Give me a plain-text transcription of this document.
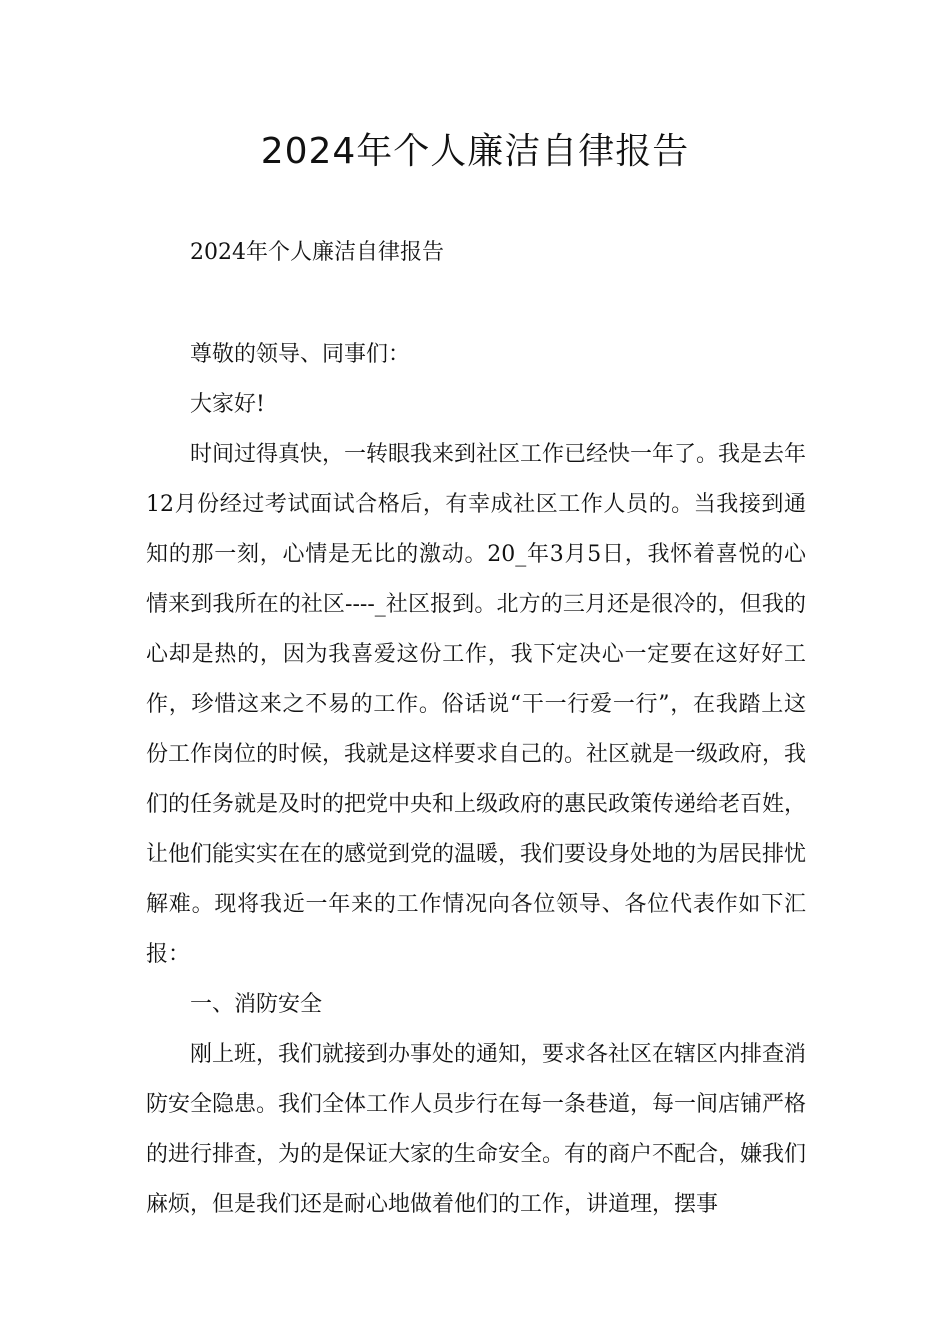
2024年个人廉洁自律报告

2024年个人廉洁自律报告

尊敬的领导、同事们：

大家好!

时间过得真快，一转眼我来到社区工作已经快一年了。我是去年12月份经过考试面试合格后，有幸成社区工作人员的。当我接到通知的那一刻，心情是无比的激动。20_年3月5日，我怀着喜悦的心情来到我所在的社区----_社区报到。北方的三月还是很冷的，但我的心却是热的，因为我喜爱这份工作，我下定决心一定要在这好好工作，珍惜这来之不易的工作。俗话说“干一行爱一行”，在我踏上这份工作岗位的时候，我就是这样要求自己的。社区就是一级政府，我们的任务就是及时的把党中央和上级政府的惠民政策传递给老百姓，让他们能实实在在的感觉到党的温暖，我们要设身处地的为居民排忧解难。现将我近一年来的工作情况向各位领导、各位代表作如下汇报：

一、消防安全

刚上班，我们就接到办事处的通知，要求各社区在辖区内排查消防安全隐患。我们全体工作人员步行在每一条巷道，每一间店铺严格的进行排查，为的是保证大家的生命安全。有的商户不配合，嫌我们麻烦，但是我们还是耐心地做着他们的工作，讲道理，摆事
